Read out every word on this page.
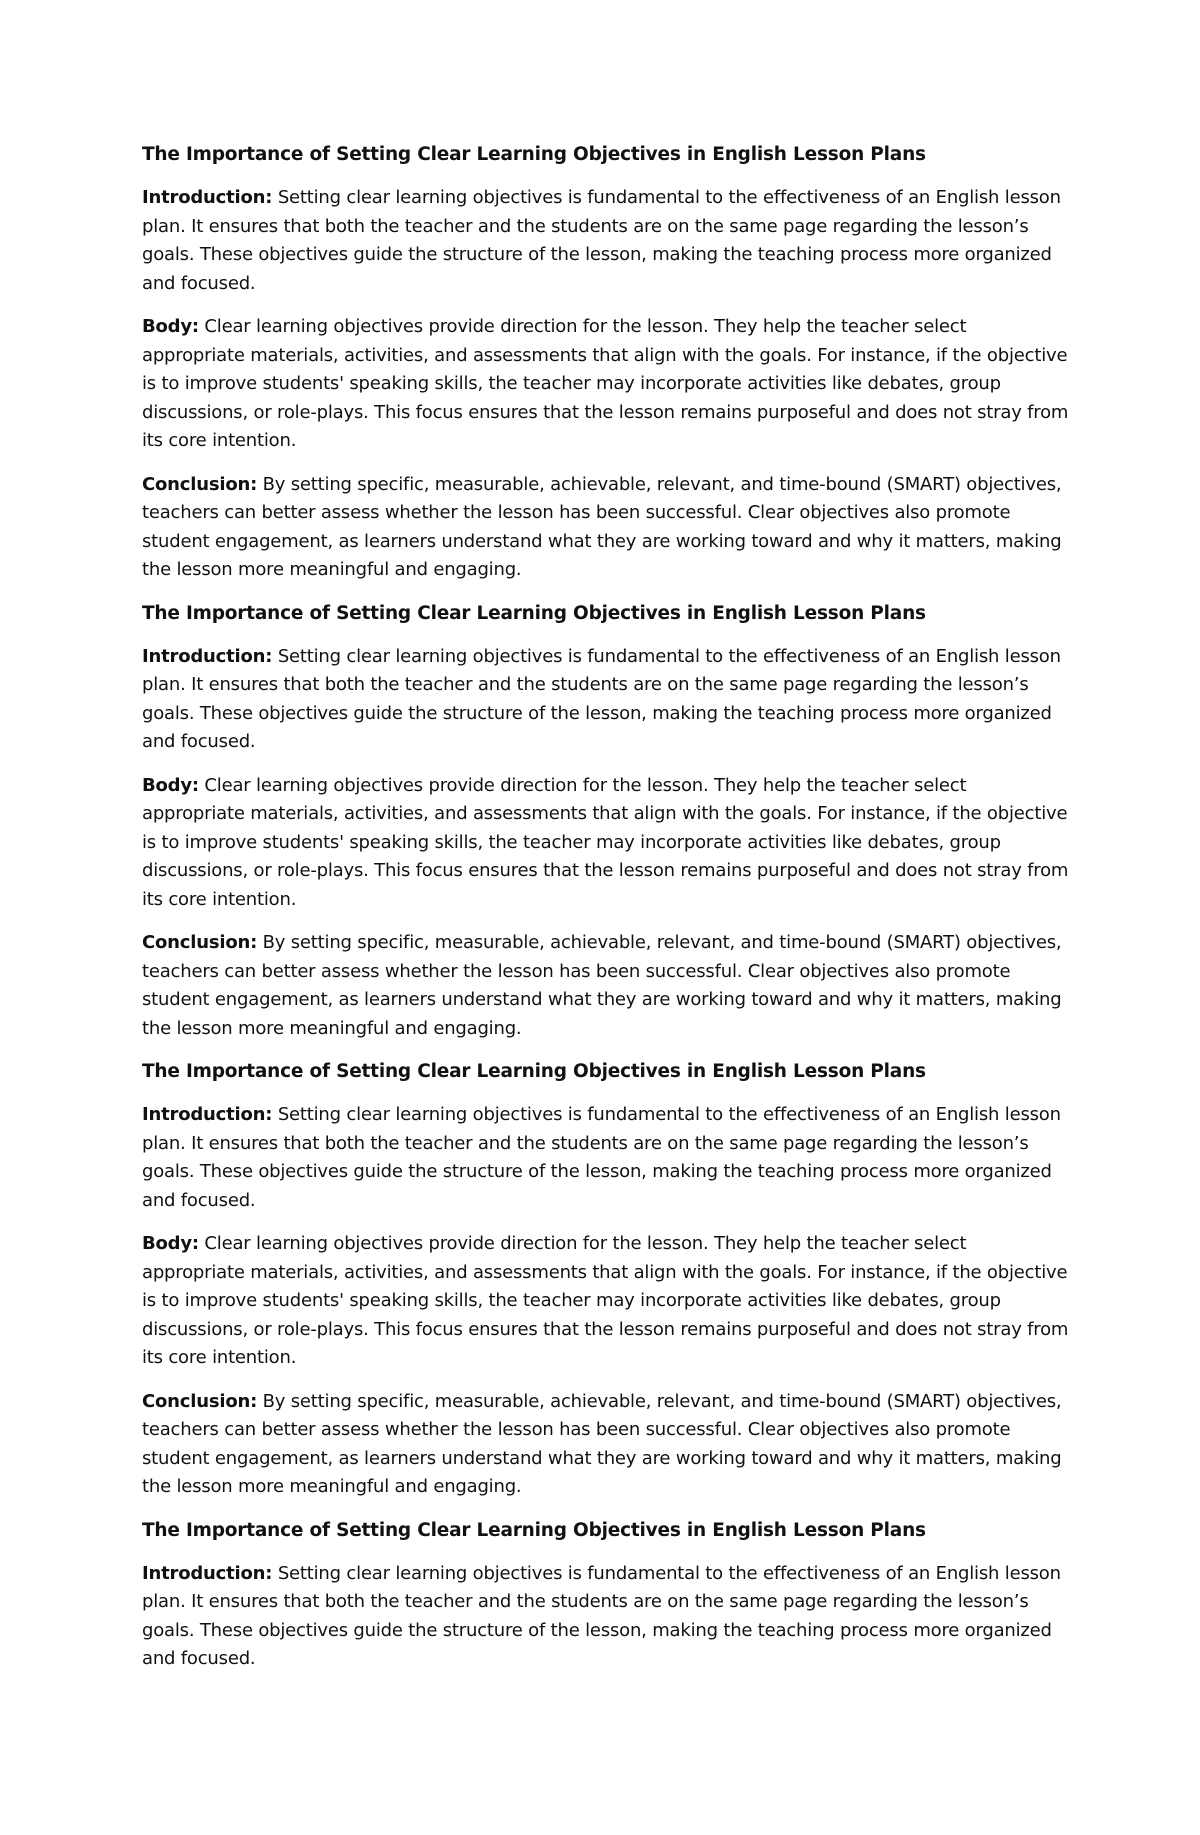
The Importance of Setting Clear Learning Objectives in English Lesson Plans

Introduction: Setting clear learning objectives is fundamental to the effectiveness of an English lesson plan. It ensures that both the teacher and the students are on the same page regarding the lesson’s goals. These objectives guide the structure of the lesson, making the teaching process more organized and focused.

Body: Clear learning objectives provide direction for the lesson. They help the teacher select appropriate materials, activities, and assessments that align with the goals. For instance, if the objective is to improve students' speaking skills, the teacher may incorporate activities like debates, group discussions, or role-plays. This focus ensures that the lesson remains purposeful and does not stray from its core intention.

Conclusion: By setting specific, measurable, achievable, relevant, and time-bound (SMART) objectives, teachers can better assess whether the lesson has been successful. Clear objectives also promote student engagement, as learners understand what they are working toward and why it matters, making the lesson more meaningful and engaging.

The Importance of Setting Clear Learning Objectives in English Lesson Plans

Introduction: Setting clear learning objectives is fundamental to the effectiveness of an English lesson plan. It ensures that both the teacher and the students are on the same page regarding the lesson’s goals. These objectives guide the structure of the lesson, making the teaching process more organized and focused.

Body: Clear learning objectives provide direction for the lesson. They help the teacher select appropriate materials, activities, and assessments that align with the goals. For instance, if the objective is to improve students' speaking skills, the teacher may incorporate activities like debates, group discussions, or role-plays. This focus ensures that the lesson remains purposeful and does not stray from its core intention.

Conclusion: By setting specific, measurable, achievable, relevant, and time-bound (SMART) objectives, teachers can better assess whether the lesson has been successful. Clear objectives also promote student engagement, as learners understand what they are working toward and why it matters, making the lesson more meaningful and engaging.

The Importance of Setting Clear Learning Objectives in English Lesson Plans

Introduction: Setting clear learning objectives is fundamental to the effectiveness of an English lesson plan. It ensures that both the teacher and the students are on the same page regarding the lesson’s goals. These objectives guide the structure of the lesson, making the teaching process more organized and focused.

Body: Clear learning objectives provide direction for the lesson. They help the teacher select appropriate materials, activities, and assessments that align with the goals. For instance, if the objective is to improve students' speaking skills, the teacher may incorporate activities like debates, group discussions, or role-plays. This focus ensures that the lesson remains purposeful and does not stray from its core intention.

Conclusion: By setting specific, measurable, achievable, relevant, and time-bound (SMART) objectives, teachers can better assess whether the lesson has been successful. Clear objectives also promote student engagement, as learners understand what they are working toward and why it matters, making the lesson more meaningful and engaging.

The Importance of Setting Clear Learning Objectives in English Lesson Plans

Introduction: Setting clear learning objectives is fundamental to the effectiveness of an English lesson plan. It ensures that both the teacher and the students are on the same page regarding the lesson’s goals. These objectives guide the structure of the lesson, making the teaching process more organized and focused.
